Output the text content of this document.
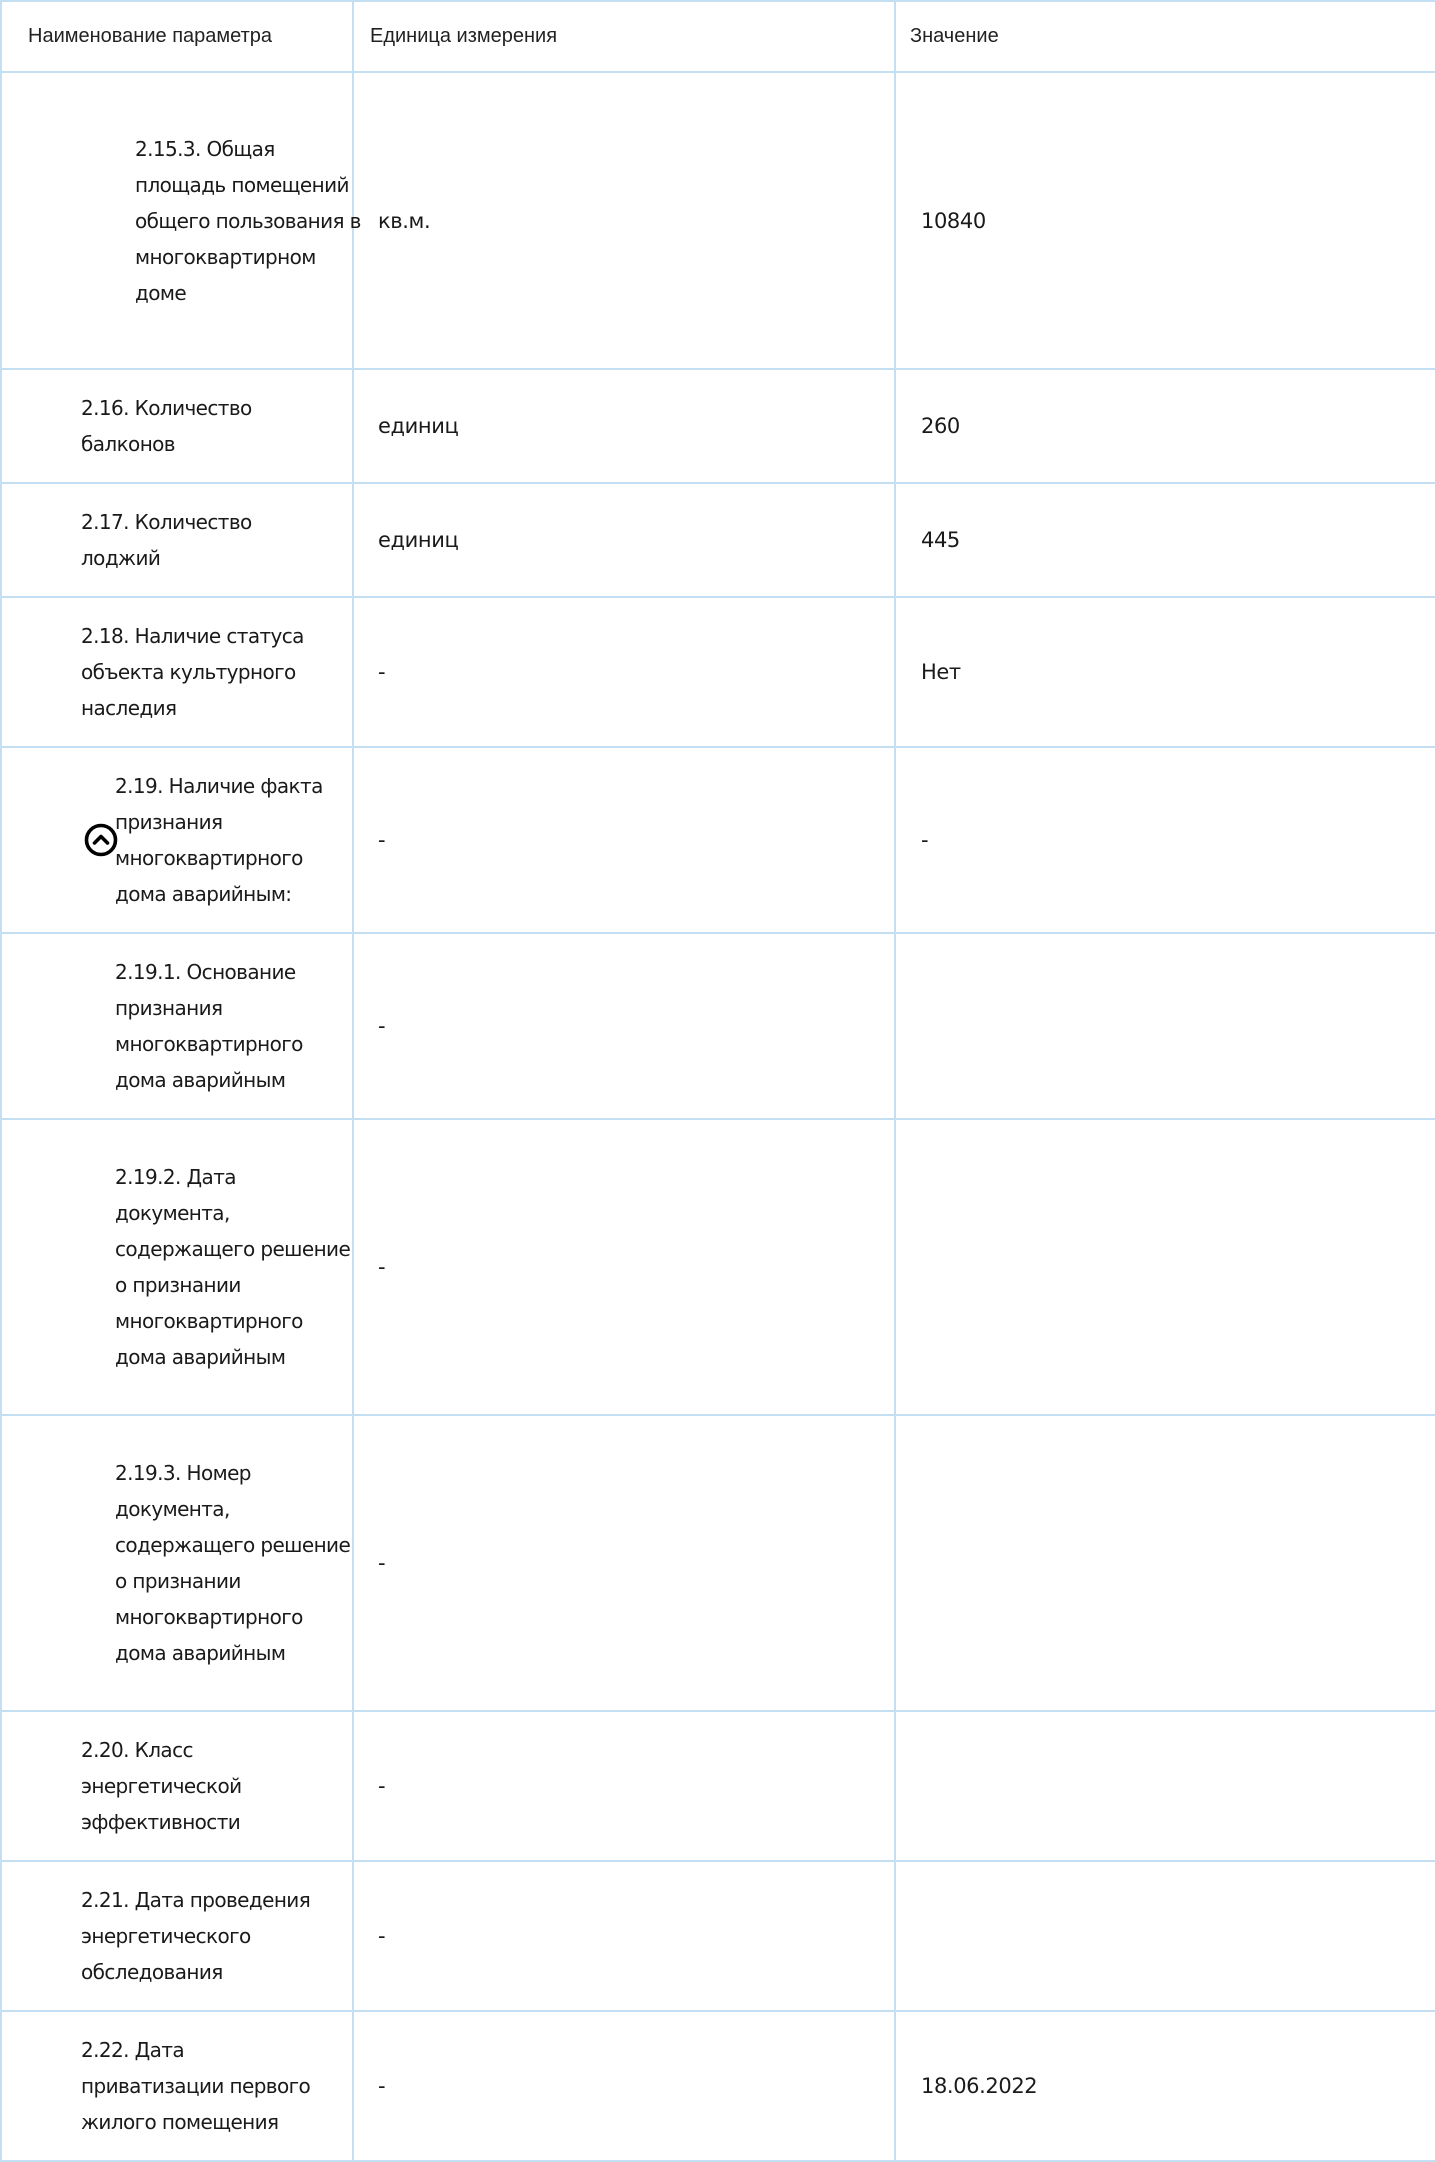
Наименование параметра	Единица измерения	Значение

2.15.3. Общая площадь помещений общего пользования в многоквартирном доме	кв.м.	10840

2.16. Количество балконов	единиц	260

2.17. Количество лоджий	единиц	445

2.18. Наличие статуса объекта культурного наследия	-	Нет

2.19. Наличие факта признания многоквартирного дома аварийным:	-	-

2.19.1. Основание признания многоквартирного дома аварийным	-	

2.19.2. Дата документа, содержащего решение о признании многоквартирного дома аварийным	-	

2.19.3. Номер документа, содержащего решение о признании многоквартирного дома аварийным	-	

2.20. Класс энергетической эффективности	-	

2.21. Дата проведения энергетического обследования	-	

2.22. Дата приватизации первого жилого помещения	-	18.06.2022
